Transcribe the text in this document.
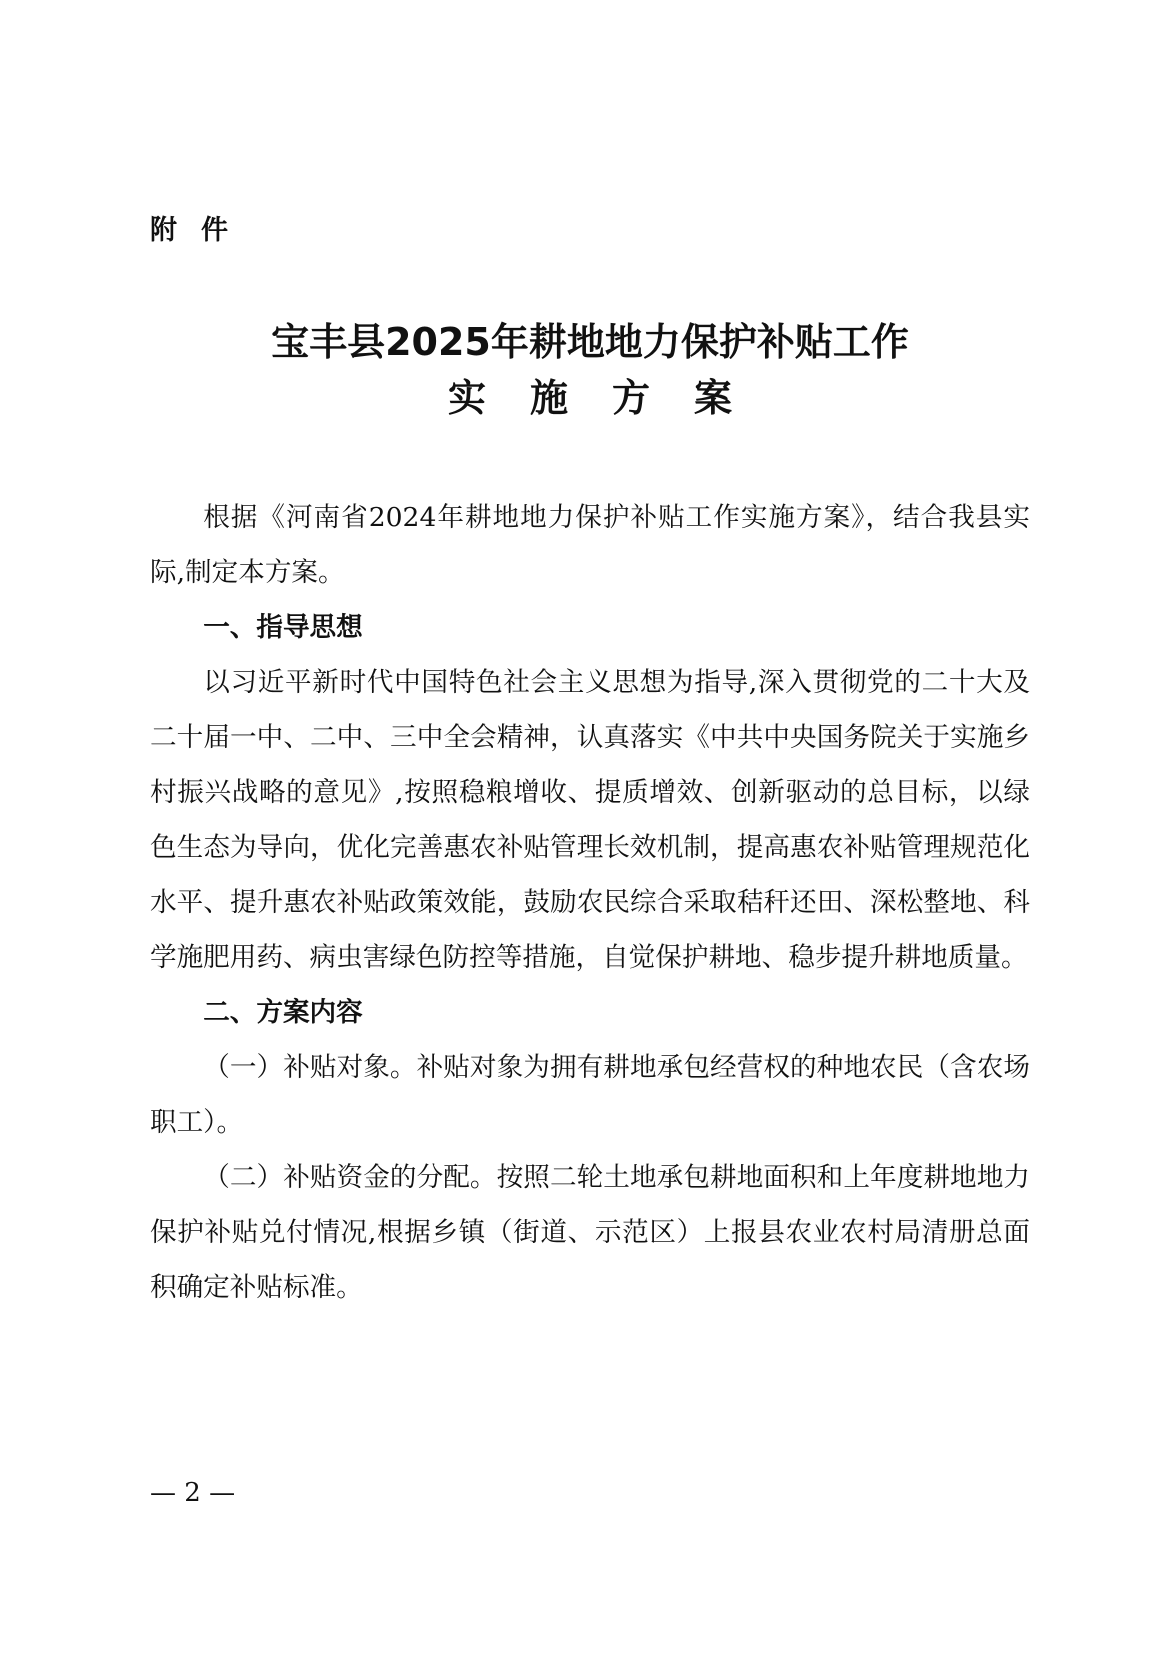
附件
宝丰县2025年耕地地力保护补贴工作
实施方案

根据《河南省2024年耕地地力保护补贴工作实施方案》，结合我县实际,制定本方案。

一、指导思想

以习近平新时代中国特色社会主义思想为指导,深入贯彻党的二十大及二十届一中、二中、三中全会精神，认真落实《中共中央国务院关于实施乡村振兴战略的意见》,按照稳粮增收、提质增效、创新驱动的总目标，以绿色生态为导向，优化完善惠农补贴管理长效机制，提高惠农补贴管理规范化水平、提升惠农补贴政策效能，鼓励农民综合采取秸秆还田、深松整地、科学施肥用药、病虫害绿色防控等措施，自觉保护耕地、稳步提升耕地质量。

二、方案内容

（一）补贴对象。补贴对象为拥有耕地承包经营权的种地农民（含农场职工）。

（二）补贴资金的分配。按照二轮土地承包耕地面积和上年度耕地地力保护补贴兑付情况,根据乡镇（街道、示范区）上报县农业农村局清册总面积确定补贴标准。

— 2 —
